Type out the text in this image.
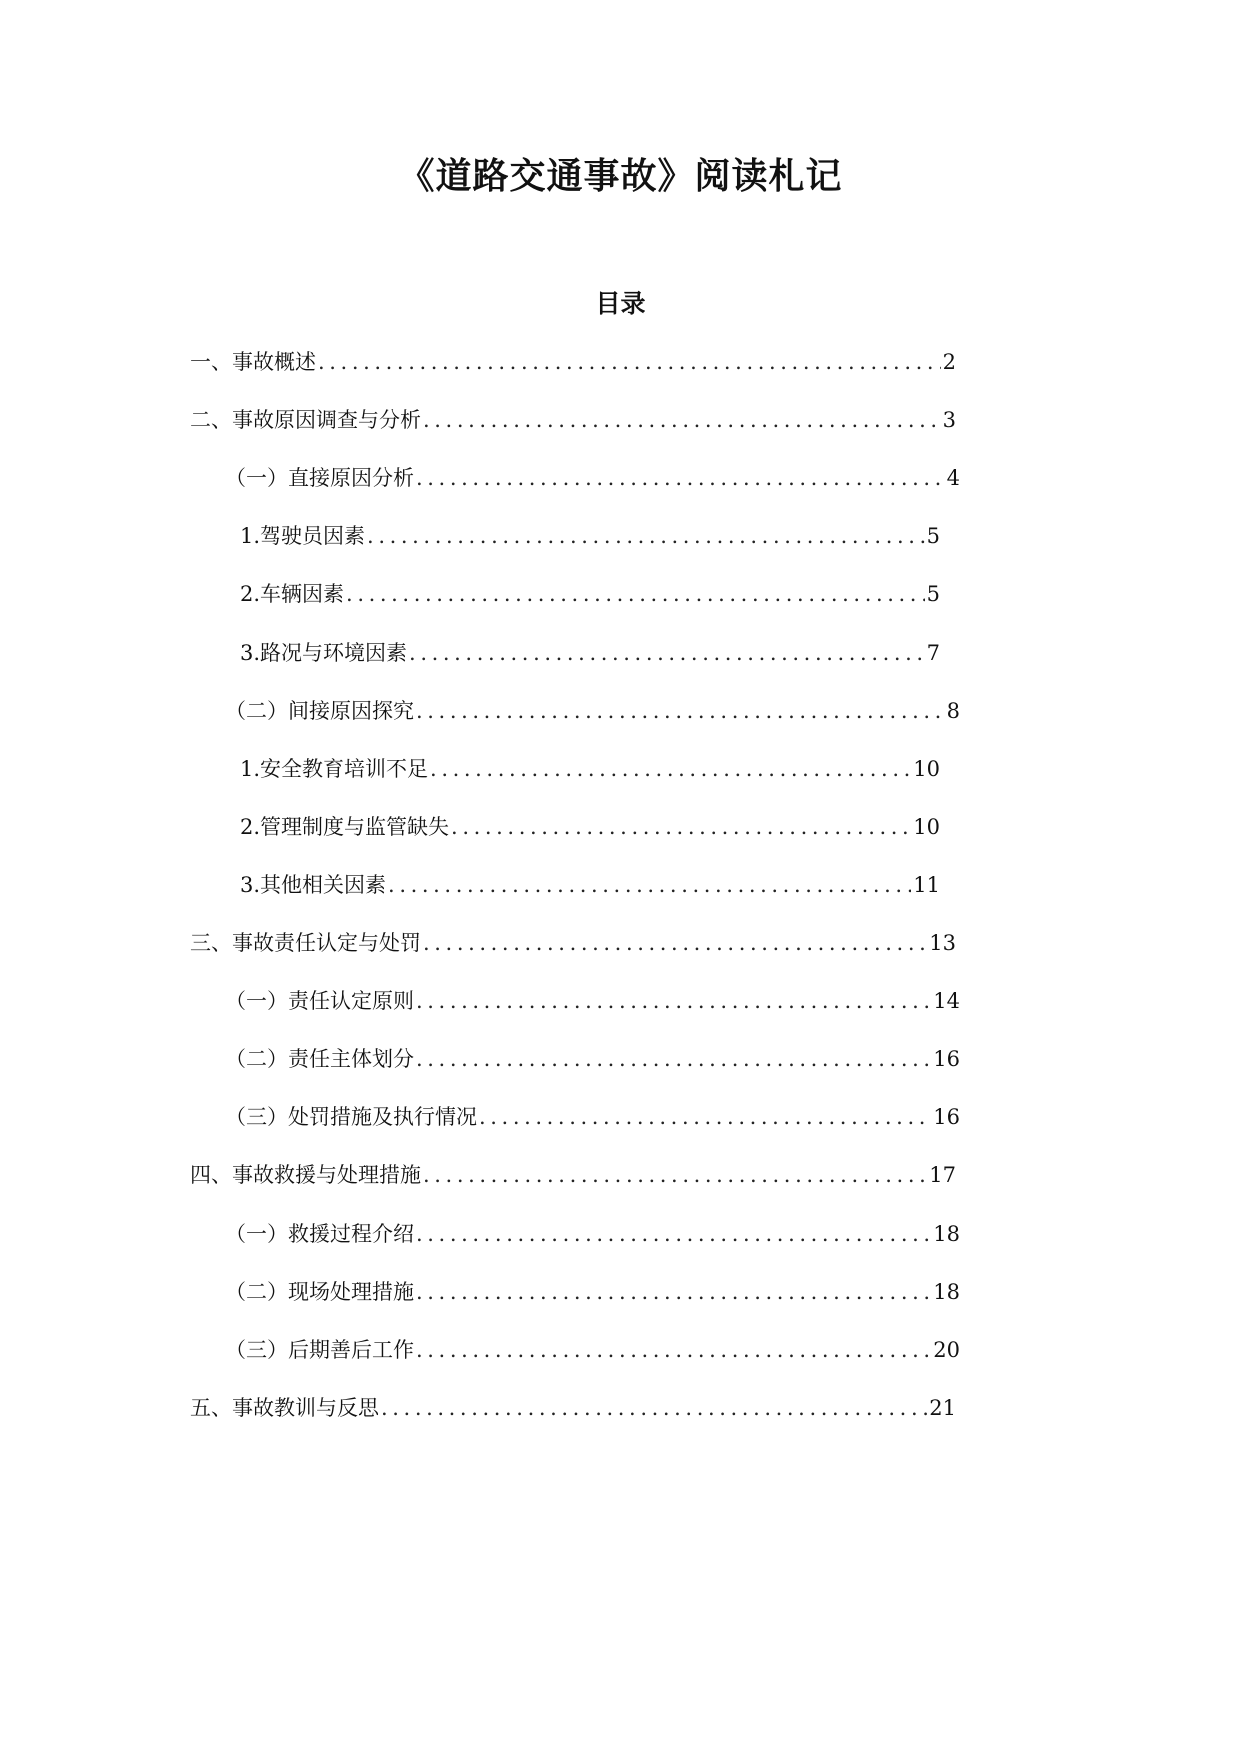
《道路交通事故》阅读札记
目录
一、事故概述 .....	2
二、事故原因调查与分析 .....	3
（一）直接原因分析 .....	4
1. 驾驶员因素 .....	5
2. 车辆因素 .....	5
3. 路况与环境因素 .....	7
（二）间接原因探究 .....	8
1. 安全教育培训不足 .....	10
2. 管理制度与监管缺失 .....	10
3. 其他相关因素 .....	11
三、事故责任认定与处罚 .....	13
（一）责任认定原则 .....	14
（二）责任主体划分 .....	16
（三）处罚措施及执行情况 .....	16
四、事故救援与处理措施 .....	17
（一）救援过程介绍 .....	18
（二）现场处理措施 .....	18
（三）后期善后工作 .....	20
五、事故教训与反思 .....	21
